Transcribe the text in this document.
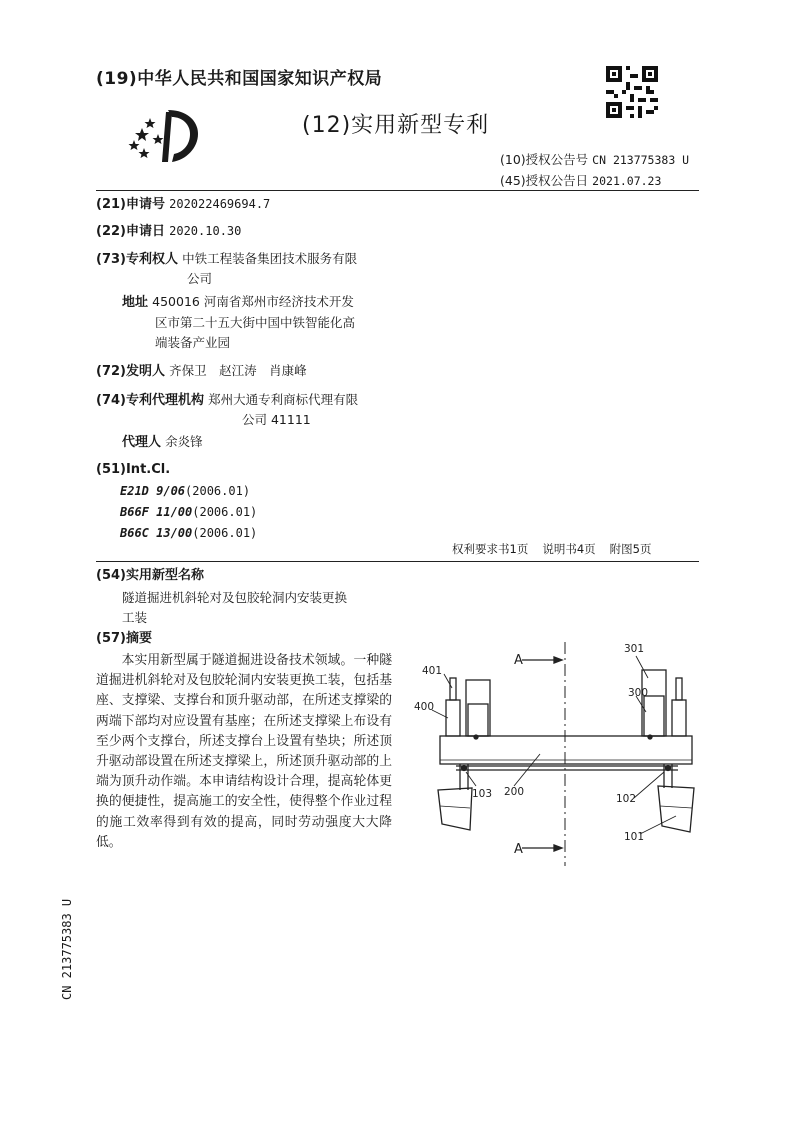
(19)中华人民共和国国家知识产权局
(12)实用新型专利
(10)授权公告号 CN 213775383 U
(45)授权公告日 2021.07.23
(21)申请号 202022469694.7
(22)申请日 2020.10.30
(73)专利权人 中铁工程装备集团技术服务有限
公司
地址 450016 河南省郑州市经济技术开发
区市第二十五大街中国中铁智能化高
端装备产业园
(72)发明人 齐保卫　赵江涛　肖康峰
(74)专利代理机构 郑州大通专利商标代理有限
公司 41111
代理人 余炎锋
(51)Int.Cl.
E21D 9/06(2006.01)
B66F 11/00(2006.01)
B66C 13/00(2006.01)
权利要求书1页 说明书4页 附图5页
(54)实用新型名称
隧道掘进机斜轮对及包胶轮洞内安装更换
工装
(57)摘要
本实用新型属于隧道掘进设备技术领域。一种隧道掘进机斜轮对及包胶轮洞内安装更换工装，包括基座、支撑梁、支撑台和顶升驱动部，在所述支撑梁的两端下部均对应设置有基座；在所述支撑梁上布设有至少两个支撑台，所述支撑台上设置有垫块；所述顶升驱动部设置在所述支撑梁上，所述顶升驱动部的上端为顶升动作端。本申请结构设计合理，提高轮体更换的便捷性，提高施工的安全性，使得整个作业过程的施工效率得到有效的提高，同时劳动强度大大降低。
401
400
301
300
A
A
103 200
102
101
CN 213775383 U
